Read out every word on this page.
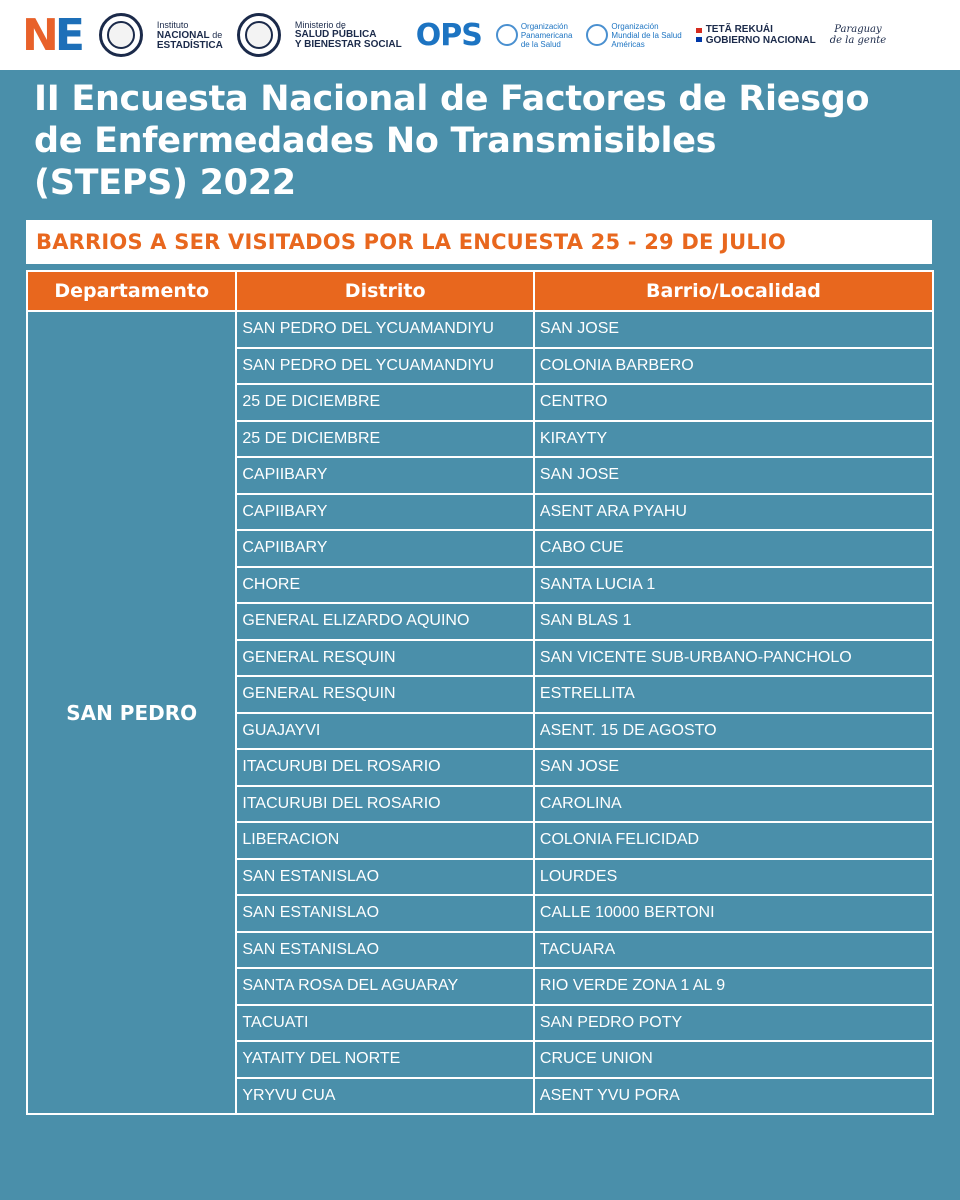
N E	Instituto
NACIONAL de
ESTADÍSTICA
Ministerio de
SALUD PÚBLICA
Y BIENESTAR SOCIAL OPS	Organización
Panamericana
de la Salud
Organización
Mundial de la Salud
Américas
TETÃ REKUÁI
GOBIERNO NACIONAL
Paraguay
de la gente
II Encuesta Nacional de Factores de Riesgo
de Enfermedades No Transmisibles
(STEPS) 2022
BARRIOS A SER VISITADOS POR LA ENCUESTA 25 - 29 DE JULIO
Departamento	Distrito	Barrio/Localidad
SAN PEDRO	SAN PEDRO DEL YCUAMANDIYU	SAN JOSE
	SAN PEDRO DEL YCUAMANDIYU	COLONIA BARBERO
	25 DE DICIEMBRE	CENTRO
	25 DE DICIEMBRE	KIRAYTY
	CAPIIBARY	SAN JOSE
	CAPIIBARY	ASENT ARA PYAHU
	CAPIIBARY	CABO CUE
	CHORE	SANTA LUCIA 1
	GENERAL ELIZARDO AQUINO	SAN BLAS 1
	GENERAL RESQUIN	SAN VICENTE SUB-URBANO-PANCHOLO
	GENERAL RESQUIN	ESTRELLITA
	GUAJAYVI	ASENT. 15 DE AGOSTO
	ITACURUBI DEL ROSARIO	SAN JOSE
	ITACURUBI DEL ROSARIO	CAROLINA
	LIBERACION	COLONIA FELICIDAD
	SAN ESTANISLAO	LOURDES
	SAN ESTANISLAO	CALLE 10000 BERTONI
	SAN ESTANISLAO	TACUARA
	SANTA ROSA DEL AGUARAY	RIO VERDE ZONA 1 AL 9
	TACUATI	SAN PEDRO POTY
	YATAITY DEL NORTE	CRUCE UNION
	YRYVU CUA	ASENT YVU PORA
